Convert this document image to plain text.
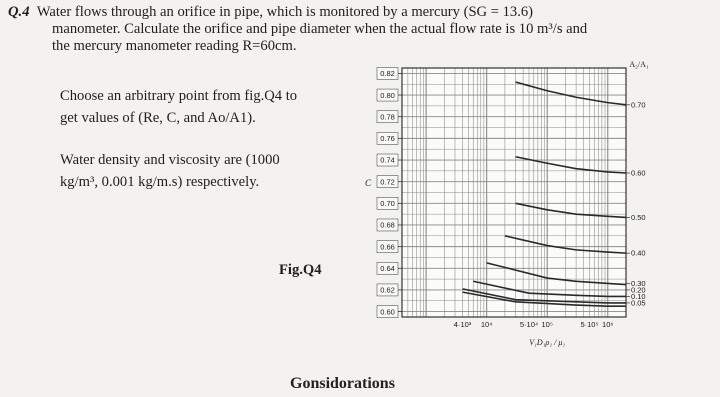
Q.4 Water flows through an orifice in pipe, which is monitored by a mercury (SG = 13.6)
manometer. Calculate the orifice and pipe diameter when the actual flow rate is 10 m³/s and
the mercury manometer reading R=60cm.
Choose an arbitrary point from fig.Q4 to
get values of (Re, C, and Ao/A1).
Water density and viscosity are (1000
kg/m³, 0.001 kg/m.s) respectively.
Fig.Q4
0.82
0.80
0.78
0.76
0.74
0.72
0.70
0.68
0.66
0.64
0.62
0.60
C
0.70
0.60
0.50
0.40
0.30
0.20
0.10
0.05
A₂/A₁
4·10³ 10⁴	5·10⁴ 10⁵	5·10⁵ 10⁶
V₁D₁ρ₁ / μ₁
Gonsidorations
